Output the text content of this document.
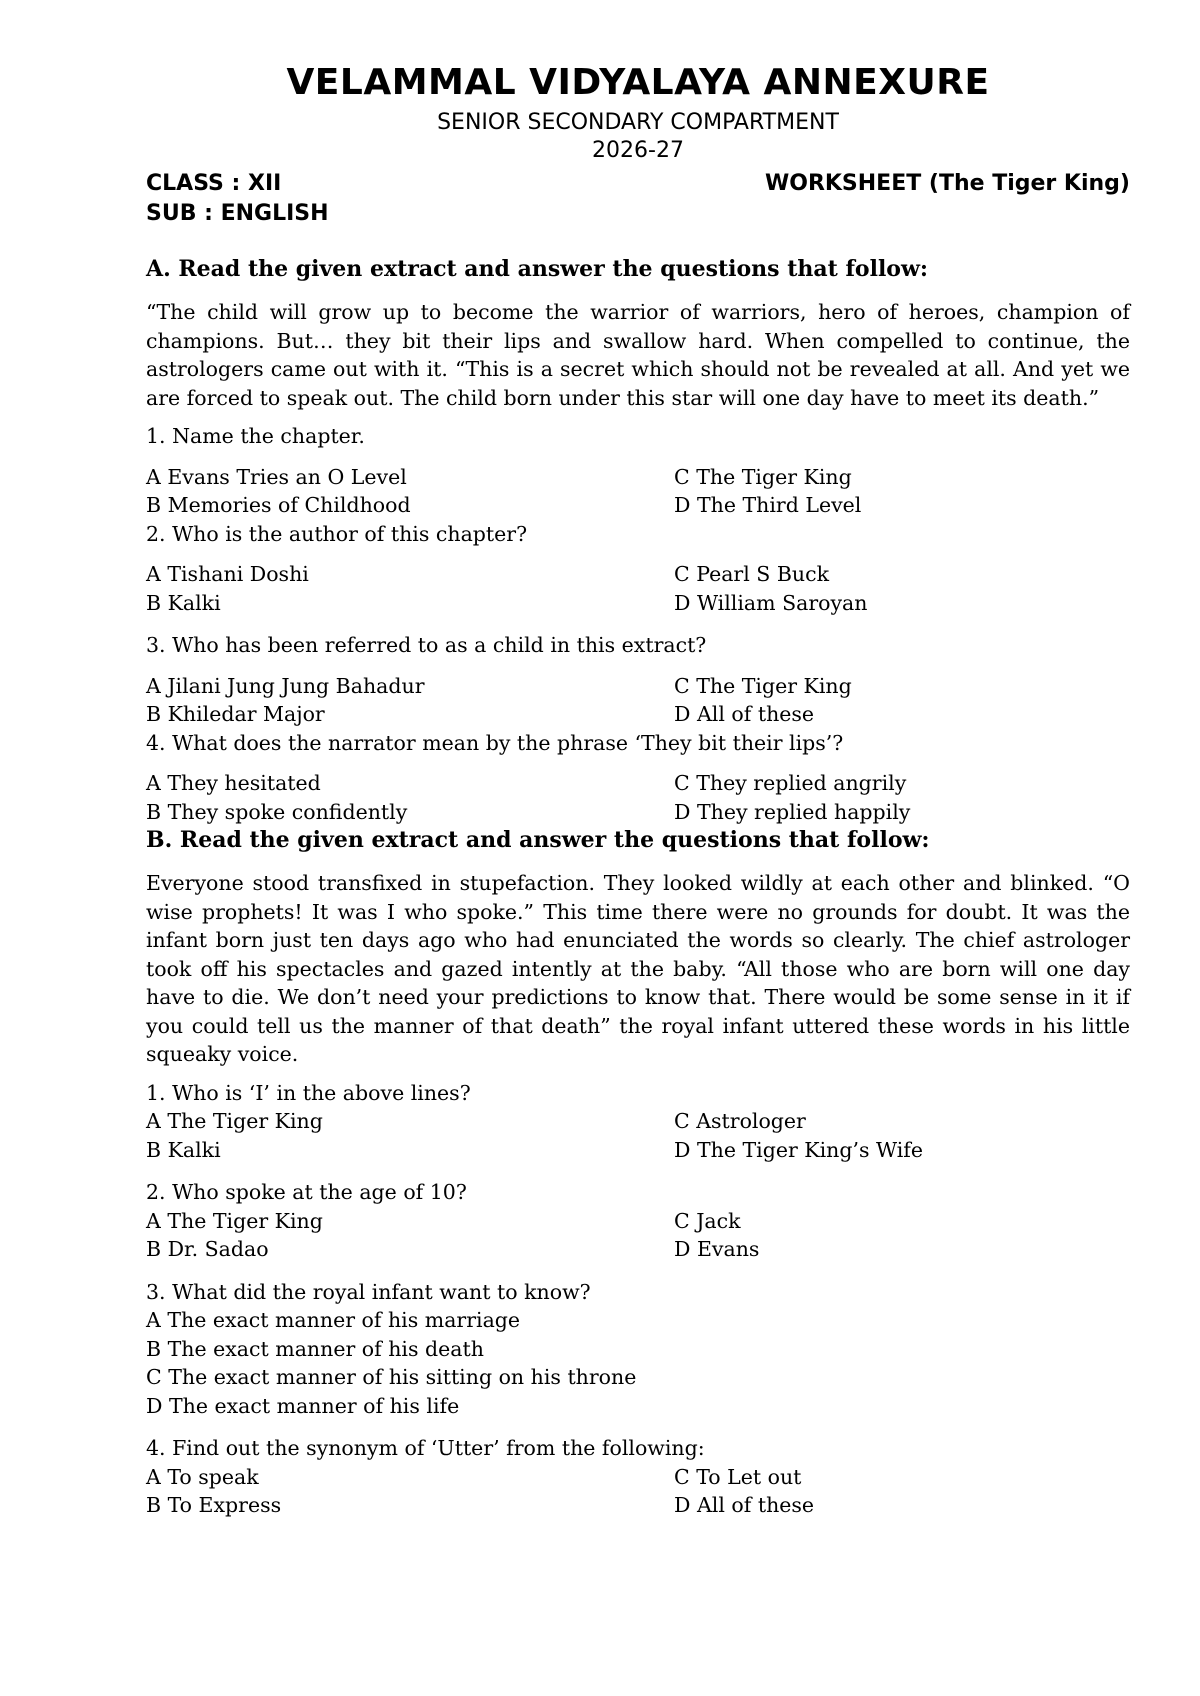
VELAMMAL VIDYALAYA ANNEXURE

SENIOR SECONDARY COMPARTMENT

2026-27

CLASS : XII	WORKSHEET (The Tiger King)
SUB : ENGLISH

A. Read the given extract and answer the questions that follow:

“The child will grow up to become the warrior of warriors, hero of heroes, champion of champions. But… they bit their lips and swallow hard. When compelled to continue, the astrologers came out with it. “This is a secret which should not be revealed at all. And yet we are forced to speak out. The child born under this star will one day have to meet its death.”

1. Name the chapter.

A Evans Tries an O Level	C The Tiger King
B Memories of Childhood	D The Third Level

2. Who is the author of this chapter?

A Tishani Doshi	C Pearl S Buck
B Kalki	D William Saroyan

3. Who has been referred to as a child in this extract?

A Jilani Jung Jung Bahadur	C The Tiger King
B Khiledar Major	D All of these

4. What does the narrator mean by the phrase ‘They bit their lips’?

A They hesitated	C They replied angrily
B They spoke confidently	D They replied happily

B. Read the given extract and answer the questions that follow:

Everyone stood transfixed in stupefaction. They looked wildly at each other and blinked. “O wise prophets! It was I who spoke.” This time there were no grounds for doubt. It was the infant born just ten days ago who had enunciated the words so clearly. The chief astrologer took off his spectacles and gazed intently at the baby. “All those who are born will one day have to die. We don’t need your predictions to know that. There would be some sense in it if you could tell us the manner of that death” the royal infant uttered these words in his little squeaky voice.

1. Who is ‘I’ in the above lines?

A The Tiger King	C Astrologer
B Kalki	D The Tiger King’s Wife

2. Who spoke at the age of 10?

A The Tiger King	C Jack
B Dr. Sadao	D Evans

3. What did the royal infant want to know?

A The exact manner of his marriage
B The exact manner of his death
C The exact manner of his sitting on his throne
D The exact manner of his life

4. Find out the synonym of ‘Utter’ from the following:

A To speak	C To Let out
B To Express	D All of these
